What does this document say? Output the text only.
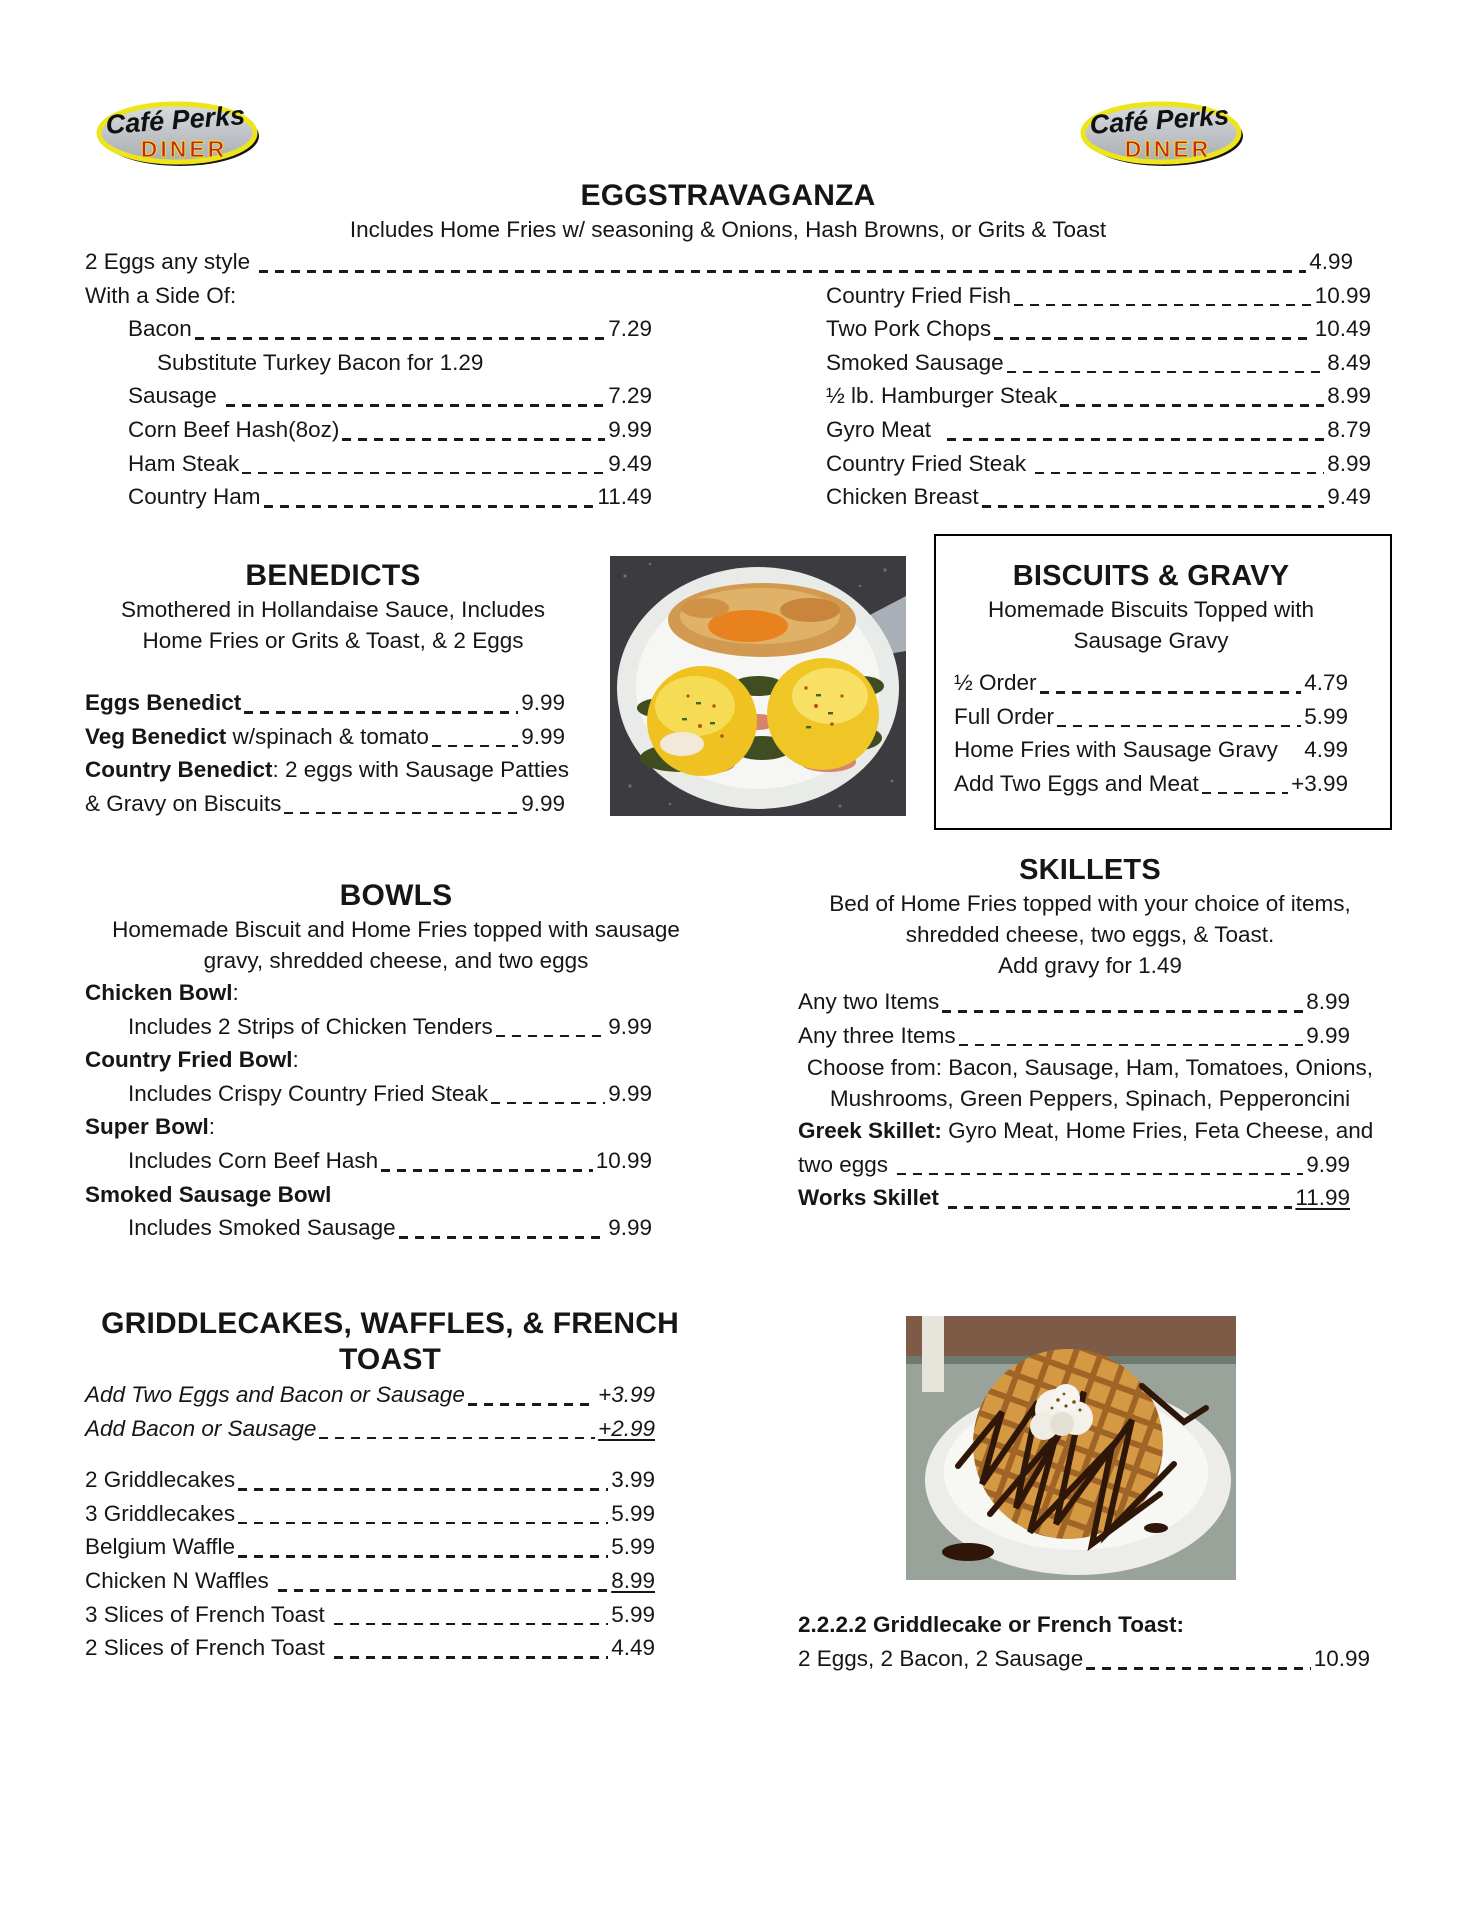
Café Perks
DINER
Café Perks
DINER
EGGSTRAVAGANZA
Includes Home Fries w/ seasoning & Onions, Hash Browns, or Grits & Toast
2 Eggs any style	4.99
With a Side Of:
Bacon	7.29
Substitute Turkey Bacon for 1.29
Sausage	7.29
Corn Beef Hash(8oz)	9.99
Ham Steak	9.49
Country Ham	11.49
Country Fried Fish	10.99
Two Pork Chops	10.49
Smoked Sausage	8.49
½ lb. Hamburger Steak	8.99
Gyro Meat	8.79
Country Fried Steak	8.99
Chicken Breast	9.49
BENEDICTS
Smothered in Hollandaise Sauce, Includes
Home Fries or Grits & Toast, & 2 Eggs
Eggs Benedict	9.99
Veg Benedict w/spinach & tomato	9.99
Country Benedict : 2 eggs with Sausage Patties
& Gravy on Biscuits	9.99
BISCUITS & GRAVY
Homemade Biscuits Topped with
Sausage Gravy
½ Order	4.79
Full Order	5.99
Home Fries with Sausage Gravy 4.99
Add Two Eggs and Meat	+3.99
BOWLS
Homemade Biscuit and Home Fries topped with sausage
gravy, shredded cheese, and two eggs
Chicken Bowl :
Includes 2 Strips of Chicken Tenders	9.99
Country Fried Bowl :
Includes Crispy Country Fried Steak	9.99
Super Bowl :
Includes Corn Beef Hash	10.99
Smoked Sausage Bowl
Includes Smoked Sausage	9.99
SKILLETS
Bed of Home Fries topped with your choice of items,
shredded cheese, two eggs, & Toast.
Add gravy for 1.49
Any two Items	8.99
Any three Items	9.99
Choose from: Bacon, Sausage, Ham, Tomatoes, Onions,
Mushrooms, Green Peppers, Spinach, Pepperoncini
Greek Skillet: Gyro Meat, Home Fries, Feta Cheese, and
two eggs	9.99
Works Skillet	11.99
GRIDDLECAKES, WAFFLES, & FRENCH
TOAST
Add Two Eggs and Bacon or Sausage	+3.99
Add Bacon or Sausage	+2.99
2 Griddlecakes	3.99
3 Griddlecakes	5.99
Belgium Waffle	5.99
Chicken N Waffles	8.99
3 Slices of French Toast	5.99
2 Slices of French Toast	4.49
2.2.2.2 Griddlecake or French Toast:
2 Eggs, 2 Bacon, 2 Sausage	10.99
